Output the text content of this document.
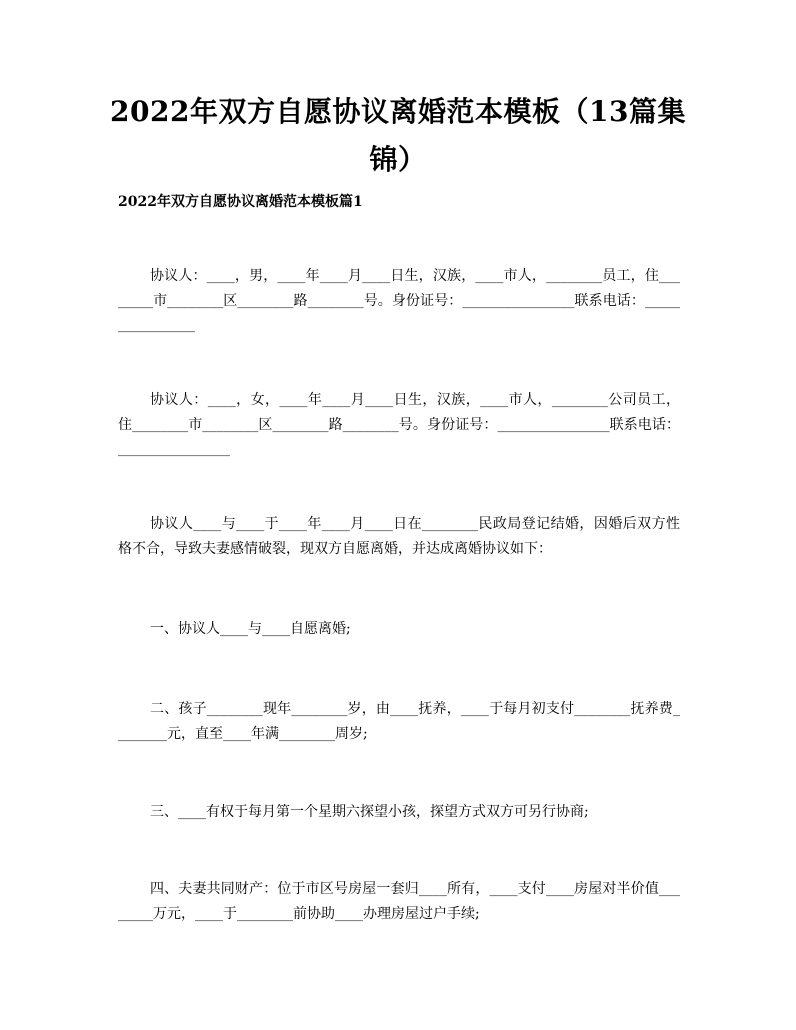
2022年双方自愿协议离婚范本模板（13篇集锦）
2022年双方自愿协议离婚范本模板篇1

协议人：____，男，____年____月____日生，汉族，____市人，________员工，住________市________区________路________号。身份证号：________________联系电话：________________

协议人：____，女，____年____月____日生，汉族，____市人，________公司员工，住________市________区________路________号。身份证号：________________联系电话：________________

协议人____与____于____年____月____日在________民政局登记结婚，因婚后双方性格不合，导致夫妻感情破裂，现双方自愿离婚，并达成离婚协议如下：

一、协议人____与____自愿离婚;

二、孩子________现年________岁，由____抚养，____于每月初支付________抚养费________元，直至____年满________周岁;

三、____有权于每月第一个星期六探望小孩，探望方式双方可另行协商;

四、夫妻共同财产：位于市区号房屋一套归____所有，____支付____房屋对半价值________万元，____于________前协助____办理房屋过户手续;
